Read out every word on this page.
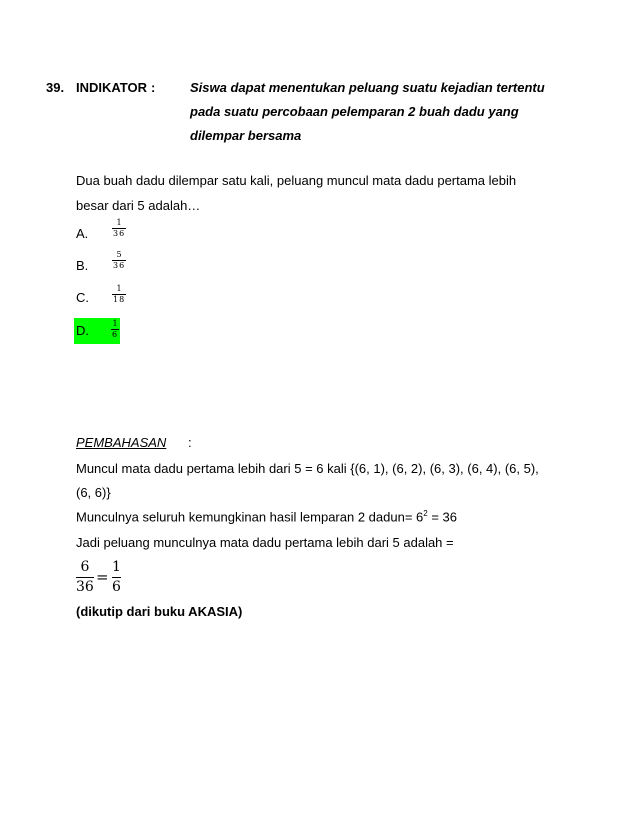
39. INDIKATOR :	Siswa dapat menentukan peluang suatu kejadian tertentu
pada suatu percobaan pelemparan 2 buah dadu yang
dilempar bersama
Dua buah dadu dilempar satu kali, peluang muncul mata dadu pertama lebih
besar dari 5 adalah…
A.
1
36
B.
5
36
C.
1
18
D.	1
6
PEMBAHASAN :
Muncul mata dadu pertama lebih dari 5 = 6 kali {(6, 1), (6, 2), (6, 3), (6, 4), (6, 5),
(6, 6)}
Munculnya seluruh kemungkinan hasil lemparan 2 dadun= $6^2 = 36$
Jadi peluang munculnya mata dadu pertama lebih dari 5 adalah =
6
36
=
1
6
(dikutip dari buku AKASIA)
